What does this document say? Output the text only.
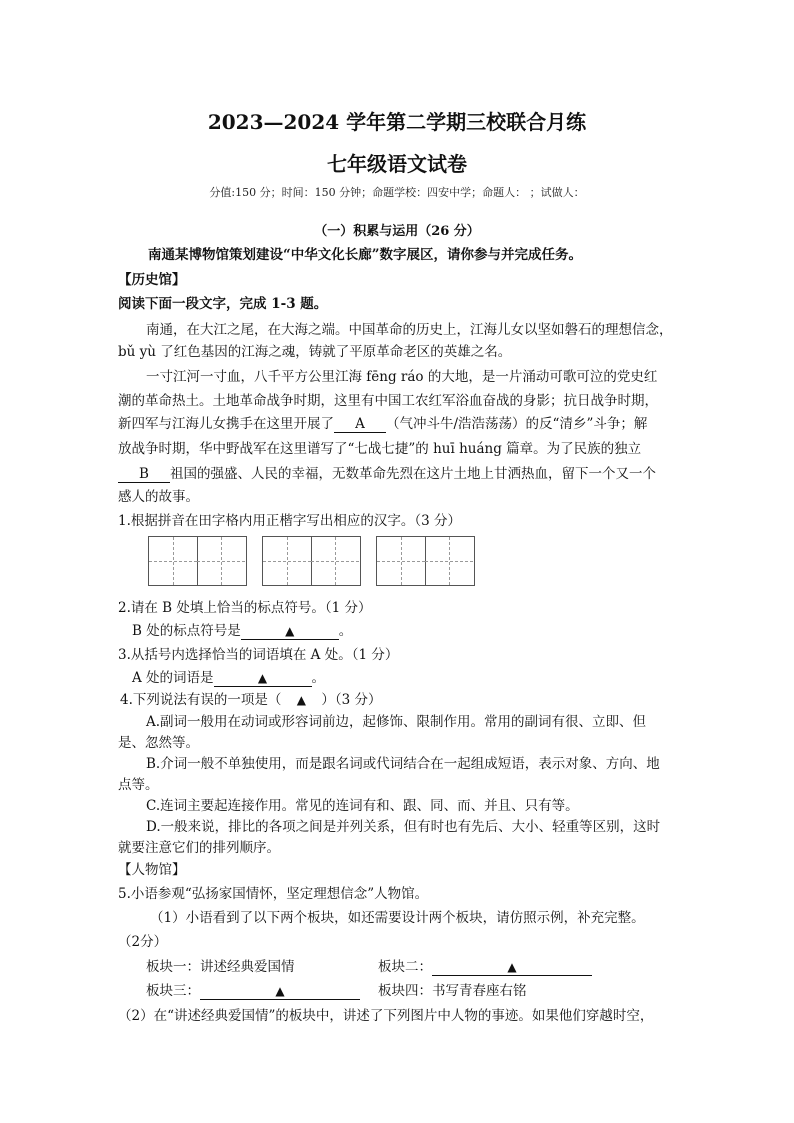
2023—2024 学年第二学期三校联合月练
七年级语文试卷
分值:150 分；时间：150 分钟；命题学校：四安中学；命题人： ；试做人：
（一）积累与运用（26 分）
南通某博物馆策划建设“中华文化长廊”数字展区，请你参与并完成任务。
【历史馆】
阅读下面一段文字，完成 1-3 题。
南通，在大江之尾，在大海之端。中国革命的历史上，江海儿女以坚如磐石的理想信念，
bǔ yù 了红色基因的江海之魂，铸就了平原革命老区的英雄之名。
一寸江河一寸血，八千平方公里江海 fēng ráo 的大地，是一片涌动可歌可泣的党史红
潮的革命热土。土地革命战争时期，这里有中国工农红军浴血奋战的身影；抗日战争时期，
新四军与江海儿女携手在这里开展了 A （气冲斗牛/浩浩荡荡）的反“清乡”斗争；解
放战争时期，华中野战军在这里谱写了“七战七捷”的 huī huáng 篇章。为了民族的独立
B 祖国的强盛、人民的幸福，无数革命先烈在这片土地上甘洒热血，留下一个又一个
感人的故事。
1.根据拼音在田字格内用正楷字写出相应的汉字。（3 分）
2.请在 B 处填上恰当的标点符号。（1 分）
B 处的标点符号是	▲	。
3.从括号内选择恰当的词语填在 A 处。（1 分）
A 处的词语是	▲	。
4.下列说法有误的一项是（ ▲ ）（3 分）
A.副词一般用在动词或形容词前边，起修饰、限制作用。常用的副词有很、立即、但
是、忽然等。
B.介词一般不单独使用，而是跟名词或代词结合在一起组成短语，表示对象、方向、地
点等。
C.连词主要起连接作用。常见的连词有和、跟、同、而、并且、只有等。
D.一般来说，排比的各项之间是并列关系，但有时也有先后、大小、轻重等区别，这时
就要注意它们的排列顺序。
【人物馆】
5.小语参观“弘扬家国情怀，坚定理想信念”人物馆。
（1）小语看到了以下两个板块，如还需要设计两个板块，请仿照示例，补充完整。
（2分）
板块一：讲述经典爱国情	板块二：	▲
板块三：	▲	板块四：书写青春座右铭
（2）在“讲述经典爱国情”的板块中，讲述了下列图片中人物的事迹。如果他们穿越时空，
